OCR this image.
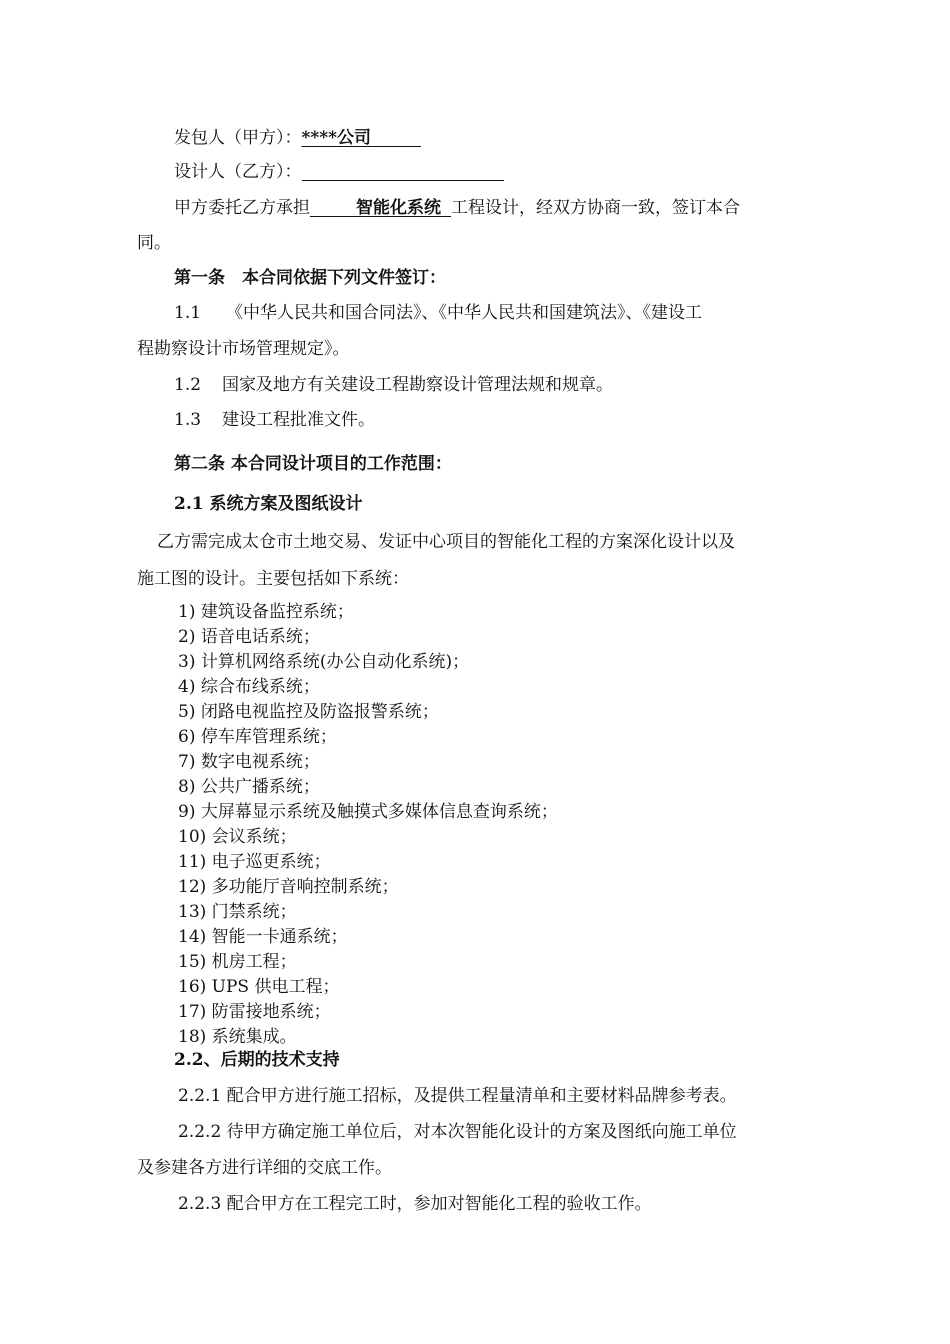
发包人（甲方）：****公司
设计人（乙方）：
甲方委托乙方承担	智能化系统 工程设计，经双方协商一致，签订本合
同。
第一条　本合同依据下列文件签订：
1.1 《中华人民共和国合同法》、《中华人民共和国建筑法》、《建设工
程勘察设计市场管理规定》。
1.2 国家及地方有关建设工程勘察设计管理法规和规章。
1.3 建设工程批准文件。
第二条 本合同设计项目的工作范围：
2.1 系统方案及图纸设计
乙方需完成太仓市土地交易、发证中心项目的智能化工程的方案深化设计以及
施工图的设计。主要包括如下系统：
1) 建筑设备监控系统；
2) 语音电话系统；
3) 计算机网络系统(办公自动化系统)；
4) 综合布线系统；
5) 闭路电视监控及防盗报警系统；
6) 停车库管理系统；
7) 数字电视系统；
8) 公共广播系统；
9) 大屏幕显示系统及触摸式多媒体信息查询系统；
10) 会议系统；
11) 电子巡更系统；
12) 多功能厅音响控制系统；
13) 门禁系统；
14) 智能一卡通系统；
15) 机房工程；
16) UPS 供电工程；
17) 防雷接地系统；
18) 系统集成。
2.2、后期的技术支持
2.2.1 配合甲方进行施工招标，及提供工程量清单和主要材料品牌参考表。
2.2.2 待甲方确定施工单位后，对本次智能化设计的方案及图纸向施工单位
及参建各方进行详细的交底工作。
2.2.3 配合甲方在工程完工时，参加对智能化工程的验收工作。
